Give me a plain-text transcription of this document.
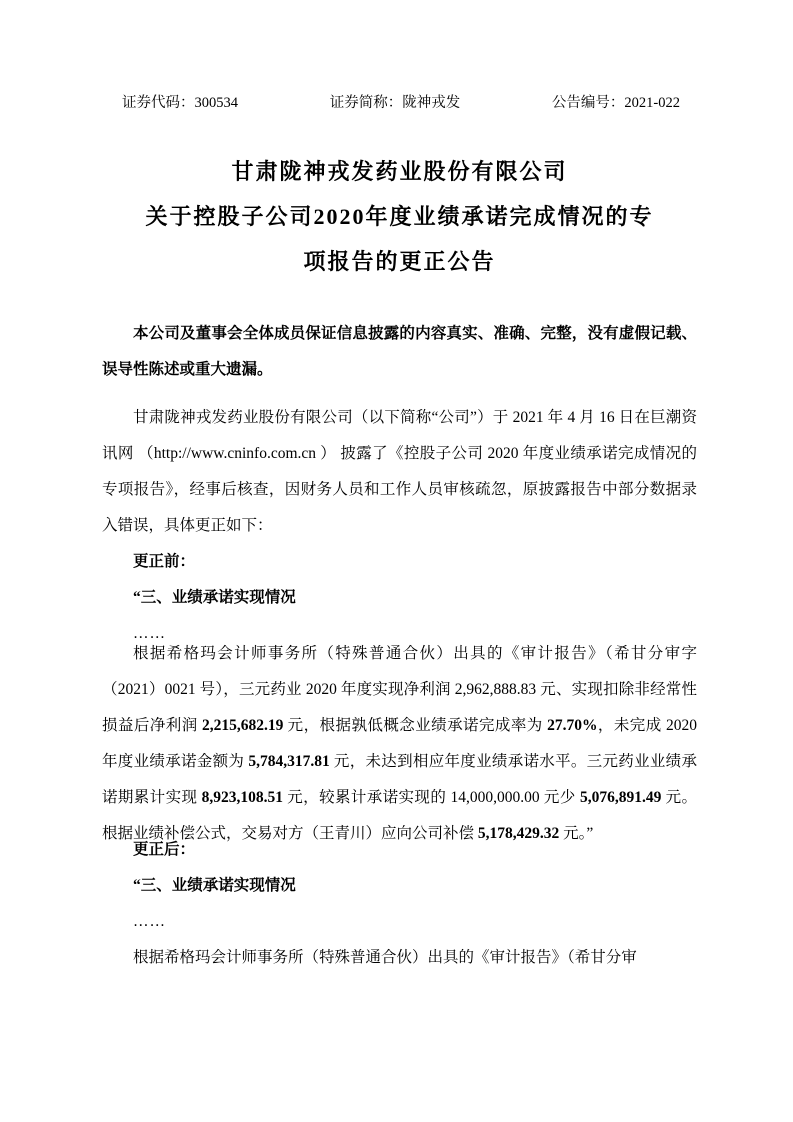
证券代码：300534	证券简称：陇神戎发	公告编号：2021-022
甘肃陇神戎发药业股份有限公司
关于控股子公司2020年度业绩承诺完成情况的专
项报告的更正公告

本公司及董事会全体成员保证信息披露的内容真实、准确、完整，没有虚假记载、误导性陈述或重大遗漏。

甘肃陇神戎发药业股份有限公司（以下简称“公司”）于 2021 年 4 月 16 日在巨潮资讯网 （http://www.cninfo.com.cn ） 披露了《控股子公司 2020 年度业绩承诺完成情况的专项报告》，经事后核查，因财务人员和工作人员审核疏忽，原披露报告中部分数据录入错误，具体更正如下：

更正前：

“三、业绩承诺实现情况

……

根据希格玛会计师事务所（特殊普通合伙）出具的《审计报告》（希甘分审字（2021）0021 号），三元药业 2020 年度实现净利润 2,962,888.83 元、实现扣除非经常性损益后净利润 2,215,682.19 元，根据孰低概念业绩承诺完成率为 27.70%，未完成 2020 年度业绩承诺金额为 5,784,317.81 元，未达到相应年度业绩承诺水平。三元药业业绩承诺期累计实现 8,923,108.51 元，较累计承诺实现的 14,000,000.00 元少 5,076,891.49 元。根据业绩补偿公式，交易对方（王青川）应向公司补偿 5,178,429.32 元。”

更正后：

“三、业绩承诺实现情况

……

根据希格玛会计师事务所（特殊普通合伙）出具的《审计报告》（希甘分审
